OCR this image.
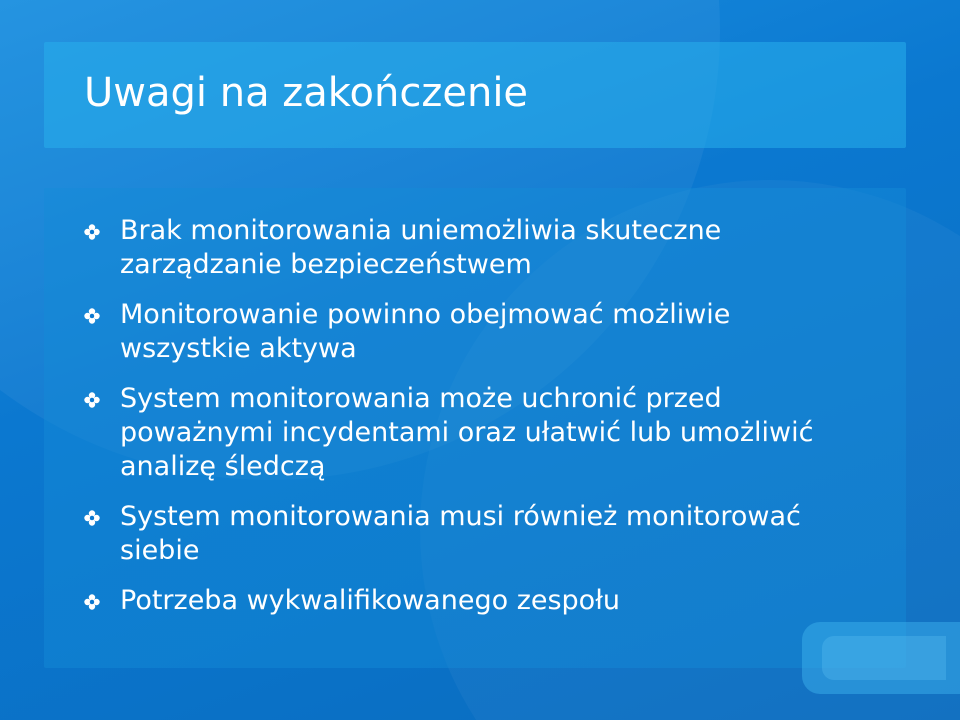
Uwagi na zakończenie
Brak monitorowania uniemożliwia skuteczne zarządzanie bezpieczeństwem
Monitorowanie powinno obejmować możliwie wszystkie aktywa
System monitorowania może uchronić przed poważnymi incydentami oraz ułatwić lub umożliwić analizę śledczą
System monitorowania musi również monitorować siebie
Potrzeba wykwalifikowanego zespołu
